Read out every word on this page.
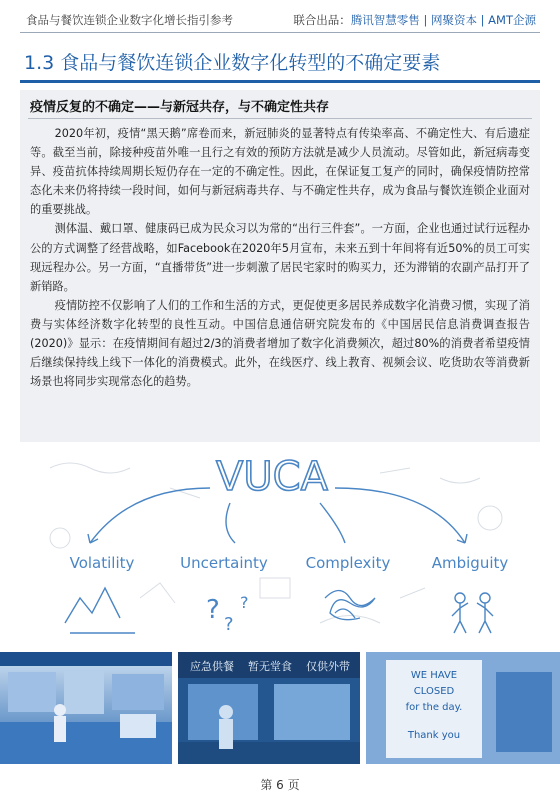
食品与餐饮连锁企业数字化增长指引参考	联合出品：腾讯智慧零售 | 网聚资本 | AMT企源
1.3 食品与餐饮连锁企业数字化转型的不确定要素
疫情反复的不确定——与新冠共存，与不确定性共存

2020年初，疫情“黑天鹅”席卷而来，新冠肺炎的显著特点有传染率高、不确定性大、有后遗症等。截至当前，除接种疫苗外唯一且行之有效的预防方法就是减少人员流动。尽管如此，新冠病毒变异、疫苗抗体持续周期长短仍存在一定的不确定性。因此，在保证复工复产的同时，确保疫情防控常态化未来仍将持续一段时间，如何与新冠病毒共存、与不确定性共存，成为食品与餐饮连锁企业面对的重要挑战。

测体温、戴口罩、健康码已成为民众习以为常的“出行三件套”。一方面，企业也通过试行远程办公的方式调整了经营战略，如Facebook在2020年5月宣布，未来五到十年间将有近50%的员工可实现远程办公。另一方面，“直播带货”进一步刺激了居民宅家时的购买力，还为滞销的农副产品打开了新销路。

疫情防控不仅影响了人们的工作和生活的方式，更促使更多居民养成数字化消费习惯，实现了消费与实体经济数字化转型的良性互动。中国信息通信研究院发布的《中国居民信息消费调查报告(2020)》显示：在疫情期间有超过2/3的消费者增加了数字化消费频次，超过80%的消费者希望疫情后继续保持线上线下一体化的消费模式。此外，在线医疗、线上教育、视频会议、吃货助农等消费新场景也将同步实现常态化的趋势。

VUCA
Volatility	Uncertainty	Complexity	Ambiguity
? ?
?
应急供餐 暂无堂食 仅供外带
WE HAVE
CLOSED
for the day.
Thank you
第 6 页
